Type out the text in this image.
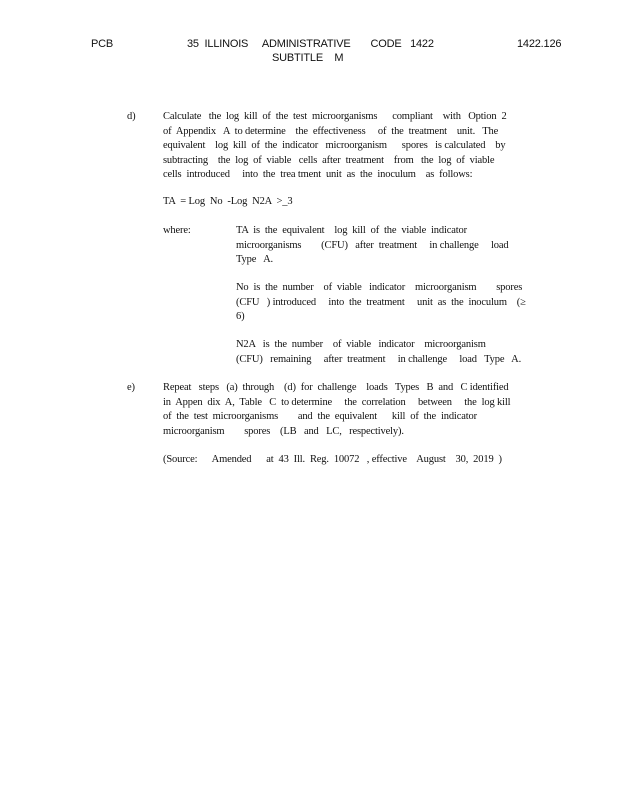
PCB	35  ILLINOIS     ADMINISTRATIVE       CODE   1422
SUBTITLE    M
1422.126
d)	Calculate   the  log  kill  of  the  test  microorganisms      compliant    with   Option  2
of  Appendix   A  to determine    the  effectiveness     of  the  treatment    unit.   The
equivalent    log  kill  of  the  indicator   microorganism      spores   is calculated    by
subtracting    the  log  of  viable   cells  after  treatment    from   the  log  of  viable
cells  introduced     into  the  trea tment  unit  as  the  inoculum    as  follows:
TA  = Log  No  -Log  N2A  >_3
where:	TA  is  the  equivalent    log  kill  of  the  viable  indicator
microorganisms        (CFU)   after  treatment     in challenge     load
Type   A.
No  is  the  number    of  viable   indicator    microorganism        spores
(CFU   ) introduced     into  the  treatment     unit  as  the  inoculum    (≥
6)
N2A   is  the  number    of  viable   indicator    microorganism
(CFU)   remaining     after  treatment     in challenge     load   Type   A.
e)	Repeat   steps   (a)  through    (d)  for  challenge    loads   Types   B  and   C identified
in  Appen  dix  A,  Table   C  to determine     the  correlation     between     the  log kill
of  the  test  microorganisms        and  the  equivalent      kill  of  the  indicator
microorganism        spores    (LB   and   LC,   respectively).
(Source:      Amended      at  43  Ill.  Reg.  10072   , effective    August    30,  2019  )
